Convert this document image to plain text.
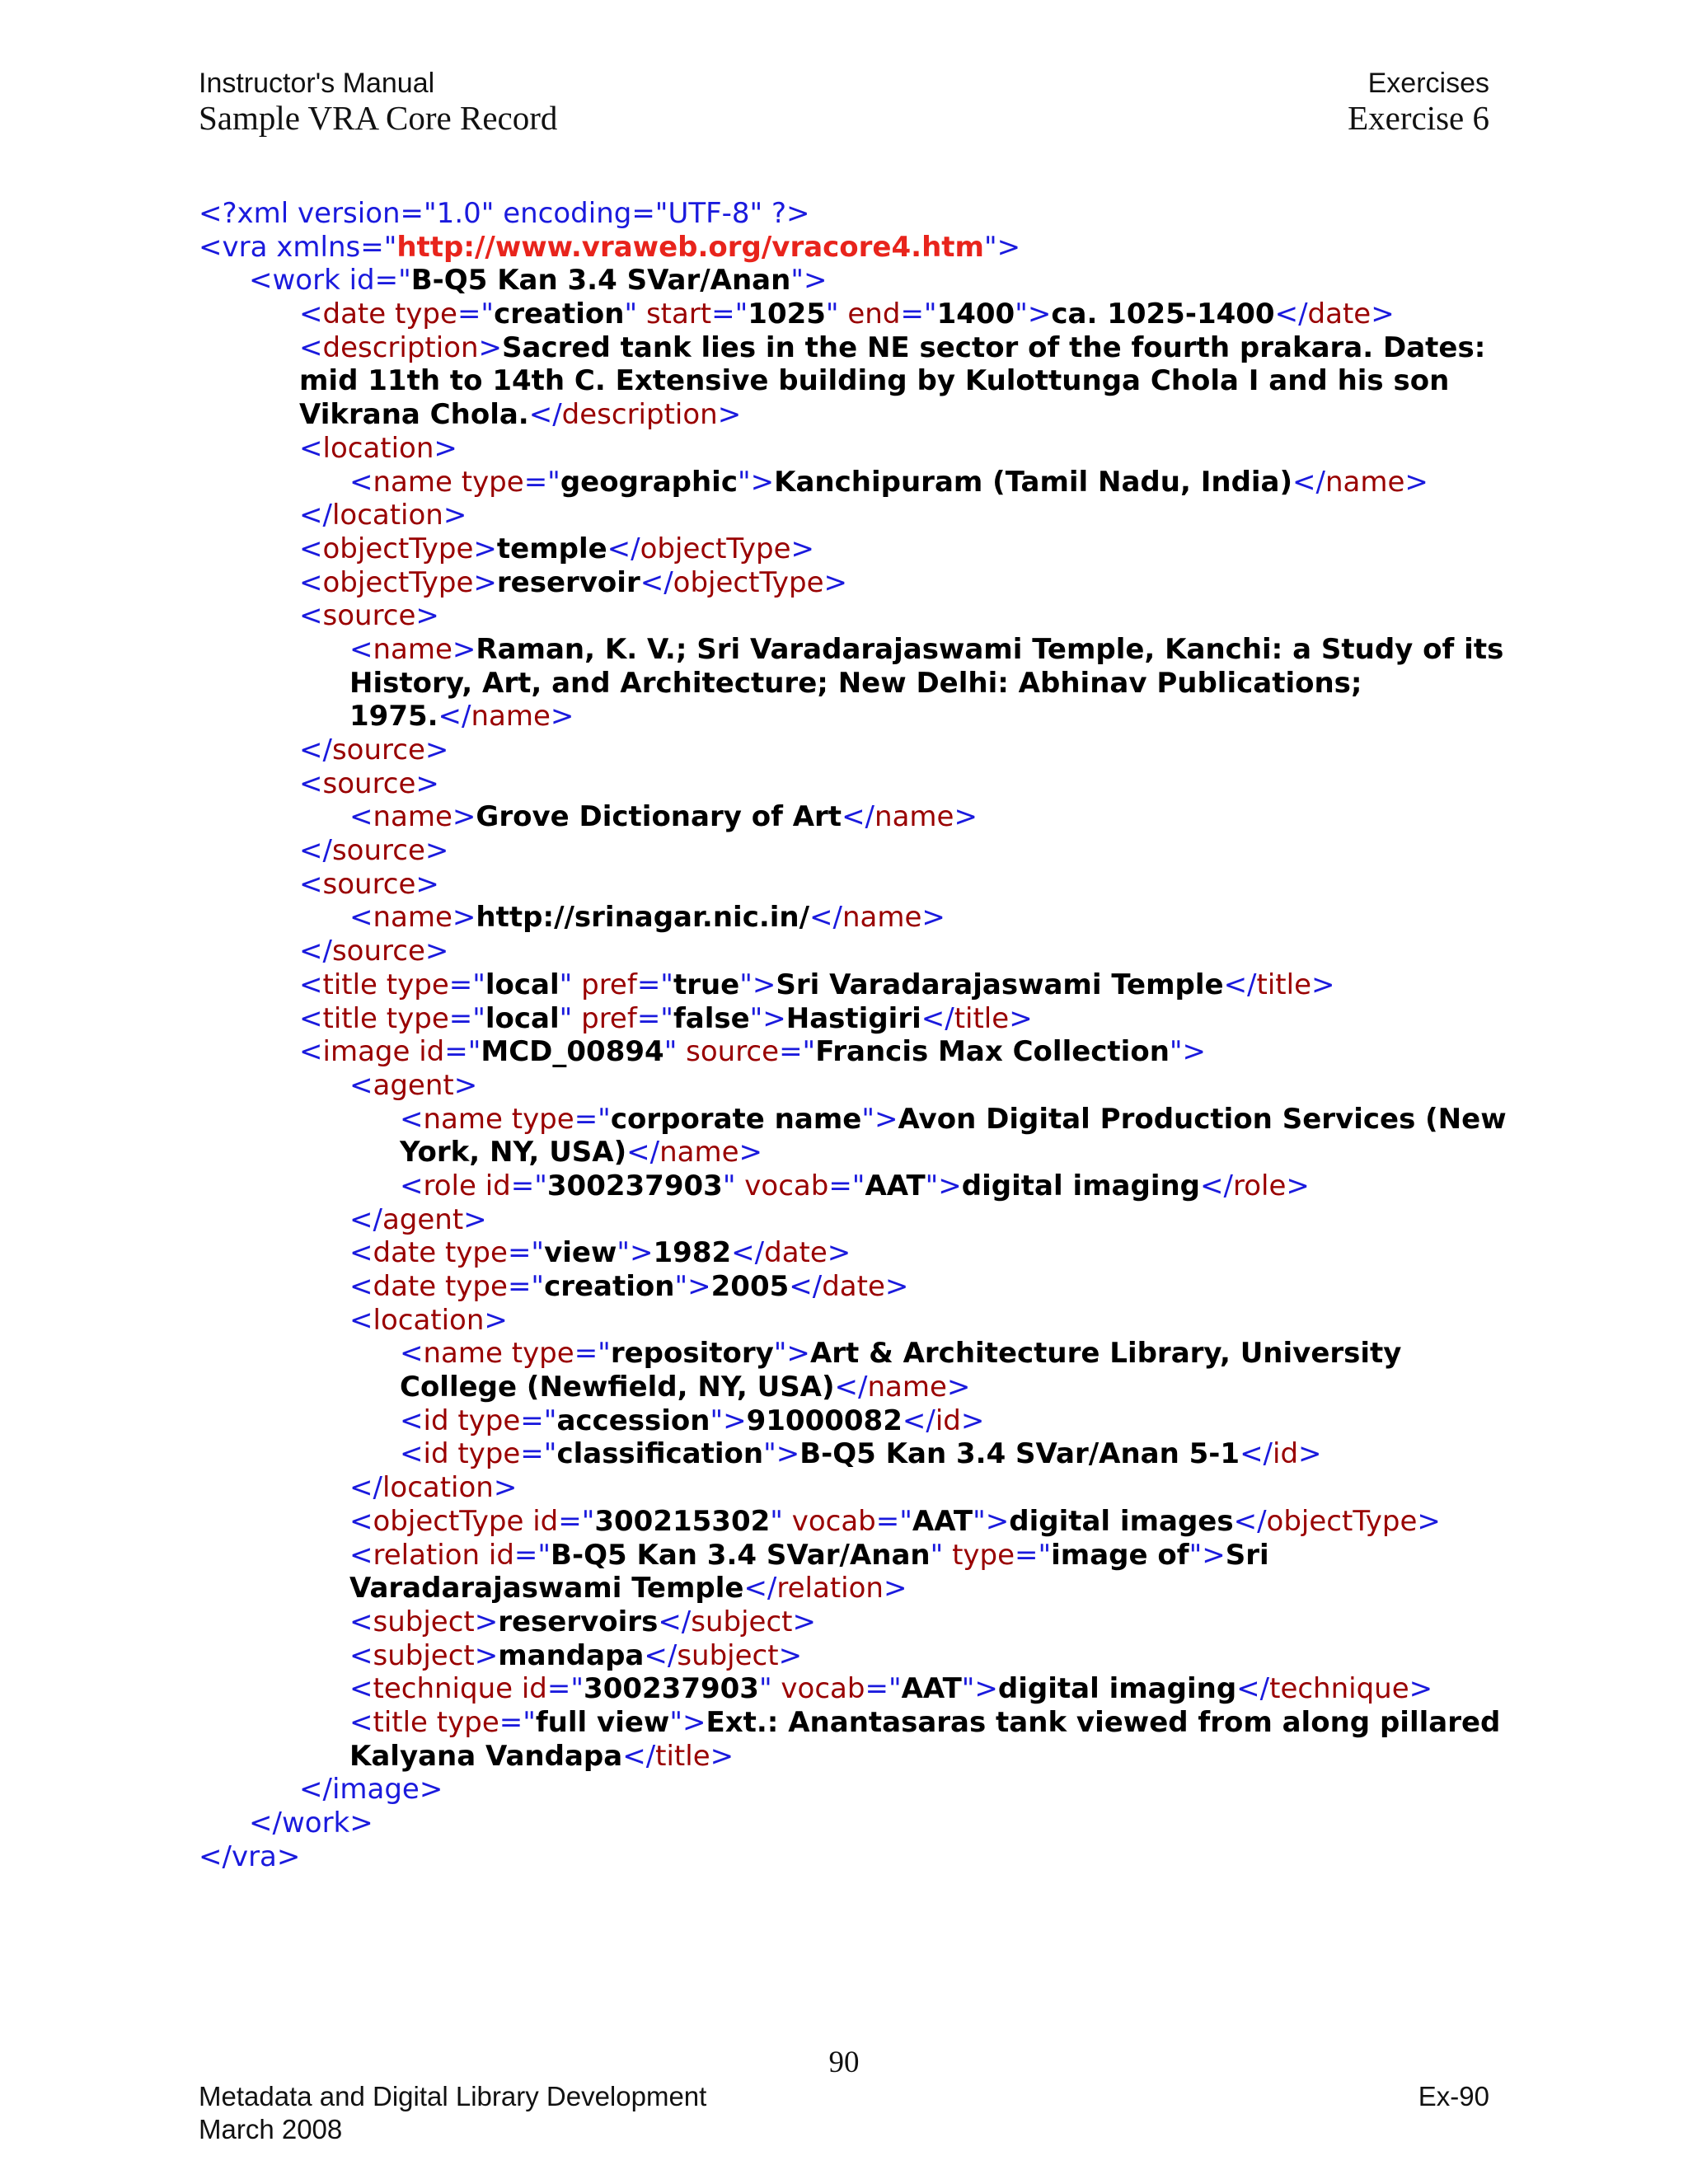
Instructor's Manual
Sample VRA Core Record
Exercises
Exercise 6
<?xml version="1.0" encoding="UTF-8" ?>
<vra xmlns="http://www.vraweb.org/vracore4.htm">
<work id="B-Q5 Kan 3.4 SVar/Anan">
<date type="creation" start="1025" end="1400">ca. 1025-1400</date>
<description>Sacred tank lies in the NE sector of the fourth prakara. Dates:
mid 11th to 14th C. Extensive building by Kulottunga Chola I and his son
Vikrana Chola.</description>
<location>
<name type="geographic">Kanchipuram (Tamil Nadu, India)</name>
</location>
<objectType>temple</objectType>
<objectType>reservoir</objectType>
<source>
<name>Raman, K. V.; Sri Varadarajaswami Temple, Kanchi: a Study of its
History, Art, and Architecture; New Delhi: Abhinav Publications;
1975.</name>
</source>
<source>
<name>Grove Dictionary of Art</name>
</source>
<source>
<name>http://srinagar.nic.in/</name>
</source>
<title type="local" pref="true">Sri Varadarajaswami Temple</title>
<title type="local" pref="false">Hastigiri</title>
<image id="MCD_00894" source="Francis Max Collection">
<agent>
<name type="corporate name">Avon Digital Production Services (New
York, NY, USA)</name>
<role id="300237903" vocab="AAT">digital imaging</role>
</agent>
<date type="view">1982</date>
<date type="creation">2005</date>
<location>
<name type="repository">Art & Architecture Library, University
College (Newfield, NY, USA)</name>
<id type="accession">91000082</id>
<id type="classification">B-Q5 Kan 3.4 SVar/Anan 5-1</id>
</location>
<objectType id="300215302" vocab="AAT">digital images</objectType>
<relation id="B-Q5 Kan 3.4 SVar/Anan" type="image of">Sri
Varadarajaswami Temple</relation>
<subject>reservoirs</subject>
<subject>mandapa</subject>
<technique id="300237903" vocab="AAT">digital imaging</technique>
<title type="full view">Ext.: Anantasaras tank viewed from along pillared
Kalyana Vandapa</title>
</image>
</work>
</vra>
90
Metadata and Digital Library Development
March 2008
Ex-90
